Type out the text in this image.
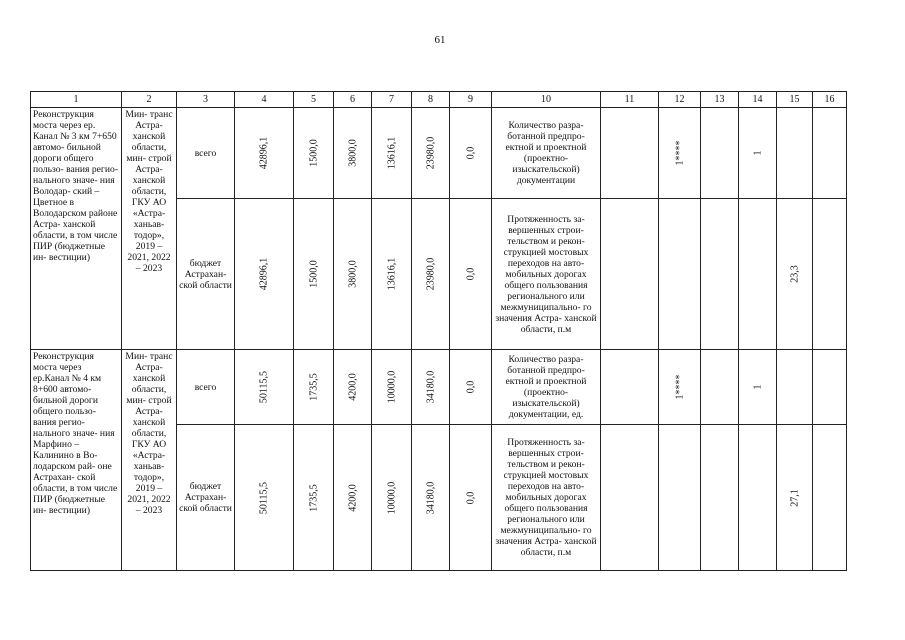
61
1	2	3	4	5	6	7	8	9	10	11	12	13	14	15	16
Реконструкция моста через ер. Канал № 3 км 7+650 автомо- бильной дороги общего пользо- вания регио- нального значе- ния Володар- ский – Цветное в Володарском районе Астра- ханской области, в том числе ПИР (бюджетные ин- вестиции)	Мин- транс Астра- ханской области, мин- строй Астра- ханской области, ГКУ АО «Астра- ханьав- тодор», 2019 – 2021, 2022 – 2023	всего	42896,1	1500,0	3800,0	13616,1	23980,0	0,0	Количество разра- ботанной предпро- ектной и проектной (проектно- изыскательской) документации		1****		1		

		бюджет Астрахан- ской области	42896,1	1500,0	3800,0	13616,1	23980,0	0,0	Протяженность за- вершенных строи- тельством и рекон- струкцией мостовых переходов на авто- мобильных дорогах общего пользования регионального или межмуниципально- го значения Астра- ханской области, п.м					23,3	

Реконструкция моста через ер.Канал № 4 км 8+600 автомо- бильной дороги общего пользо- вания регио- нального значе- ния Марфино – Калинино в Во- лодарском рай- оне Астрахан- ской области, в том числе ПИР (бюджетные ин- вестиции)	Мин- транс Астра- ханской области, мин- строй Астра- ханской области, ГКУ АО «Астра- ханьав- тодор», 2019 – 2021, 2022 – 2023	всего	50115,5	1735,5	4200,0	10000,0	34180,0	0,0	Количество разра- ботанной предпро- ектной и проектной (проектно- изыскательской) документации, ед.		1****		1		

		бюджет Астрахан- ской области	50115,5	1735,5	4200,0	10000,0	34180,0	0,0	Протяженность за- вершенных строи- тельством и рекон- струкцией мостовых переходов на авто- мобильных дорогах общего пользования регионального или межмуниципально- го значения Астра- ханской области, п.м					27,1	
